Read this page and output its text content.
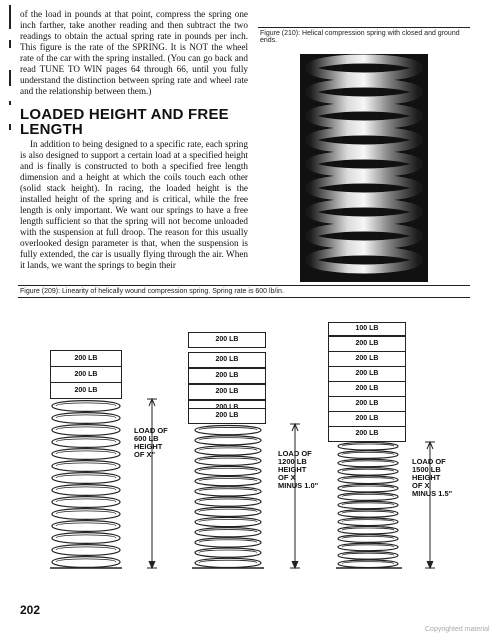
of the load in pounds at that point, compress the spring one inch farther, take another reading and then subtract the two readings to obtain the actual spring rate in pounds per inch. This figure is the rate of the SPRING. It is NOT the wheel rate of the car with the spring installed. (You can go back and read TUNE TO WIN pages 64 through 66, until you fully understand the distinction between spring rate and wheel rate and the relationship between them.)

LOADED HEIGHT AND FREE LENGTH

In addition to being designed to a specific rate, each spring is also designed to support a certain load at a specified height and is finally is constructed to both a specified free length dimension and a height at which the coils touch each other (solid stack height). In racing, the loaded height is the installed height of the spring and is critical, while the free length is only important. We want our springs to have a free length sufficient so that the spring will not become unloaded with the suspension at full droop. The reason for this usually overlooked design parameter is that, when the suspension is fully extended, the car is usually flying through the air. When it lands, we want the springs to begin their

Figure (210): Helical compression spring with closed and ground ends.
Figure (209): Linearity of helically wound compression spring. Spring rate is 600 lb/in.
200 LB
200 LB
200 LB
200 LB
200 LB
200 LB
200 LB
200 LB
100 LB
200 LB
200 LB
200 LB
200 LB
200 LB
200 LB
200 LB
LOAD OF
600 LB
HEIGHT
OF X"	LOAD OF
1200 LB
HEIGHT
OF X
MINUS 1.0"
LOAD OF
1500 LB
HEIGHT
OF X
MINUS 1.5"
202
Copyrighted material
